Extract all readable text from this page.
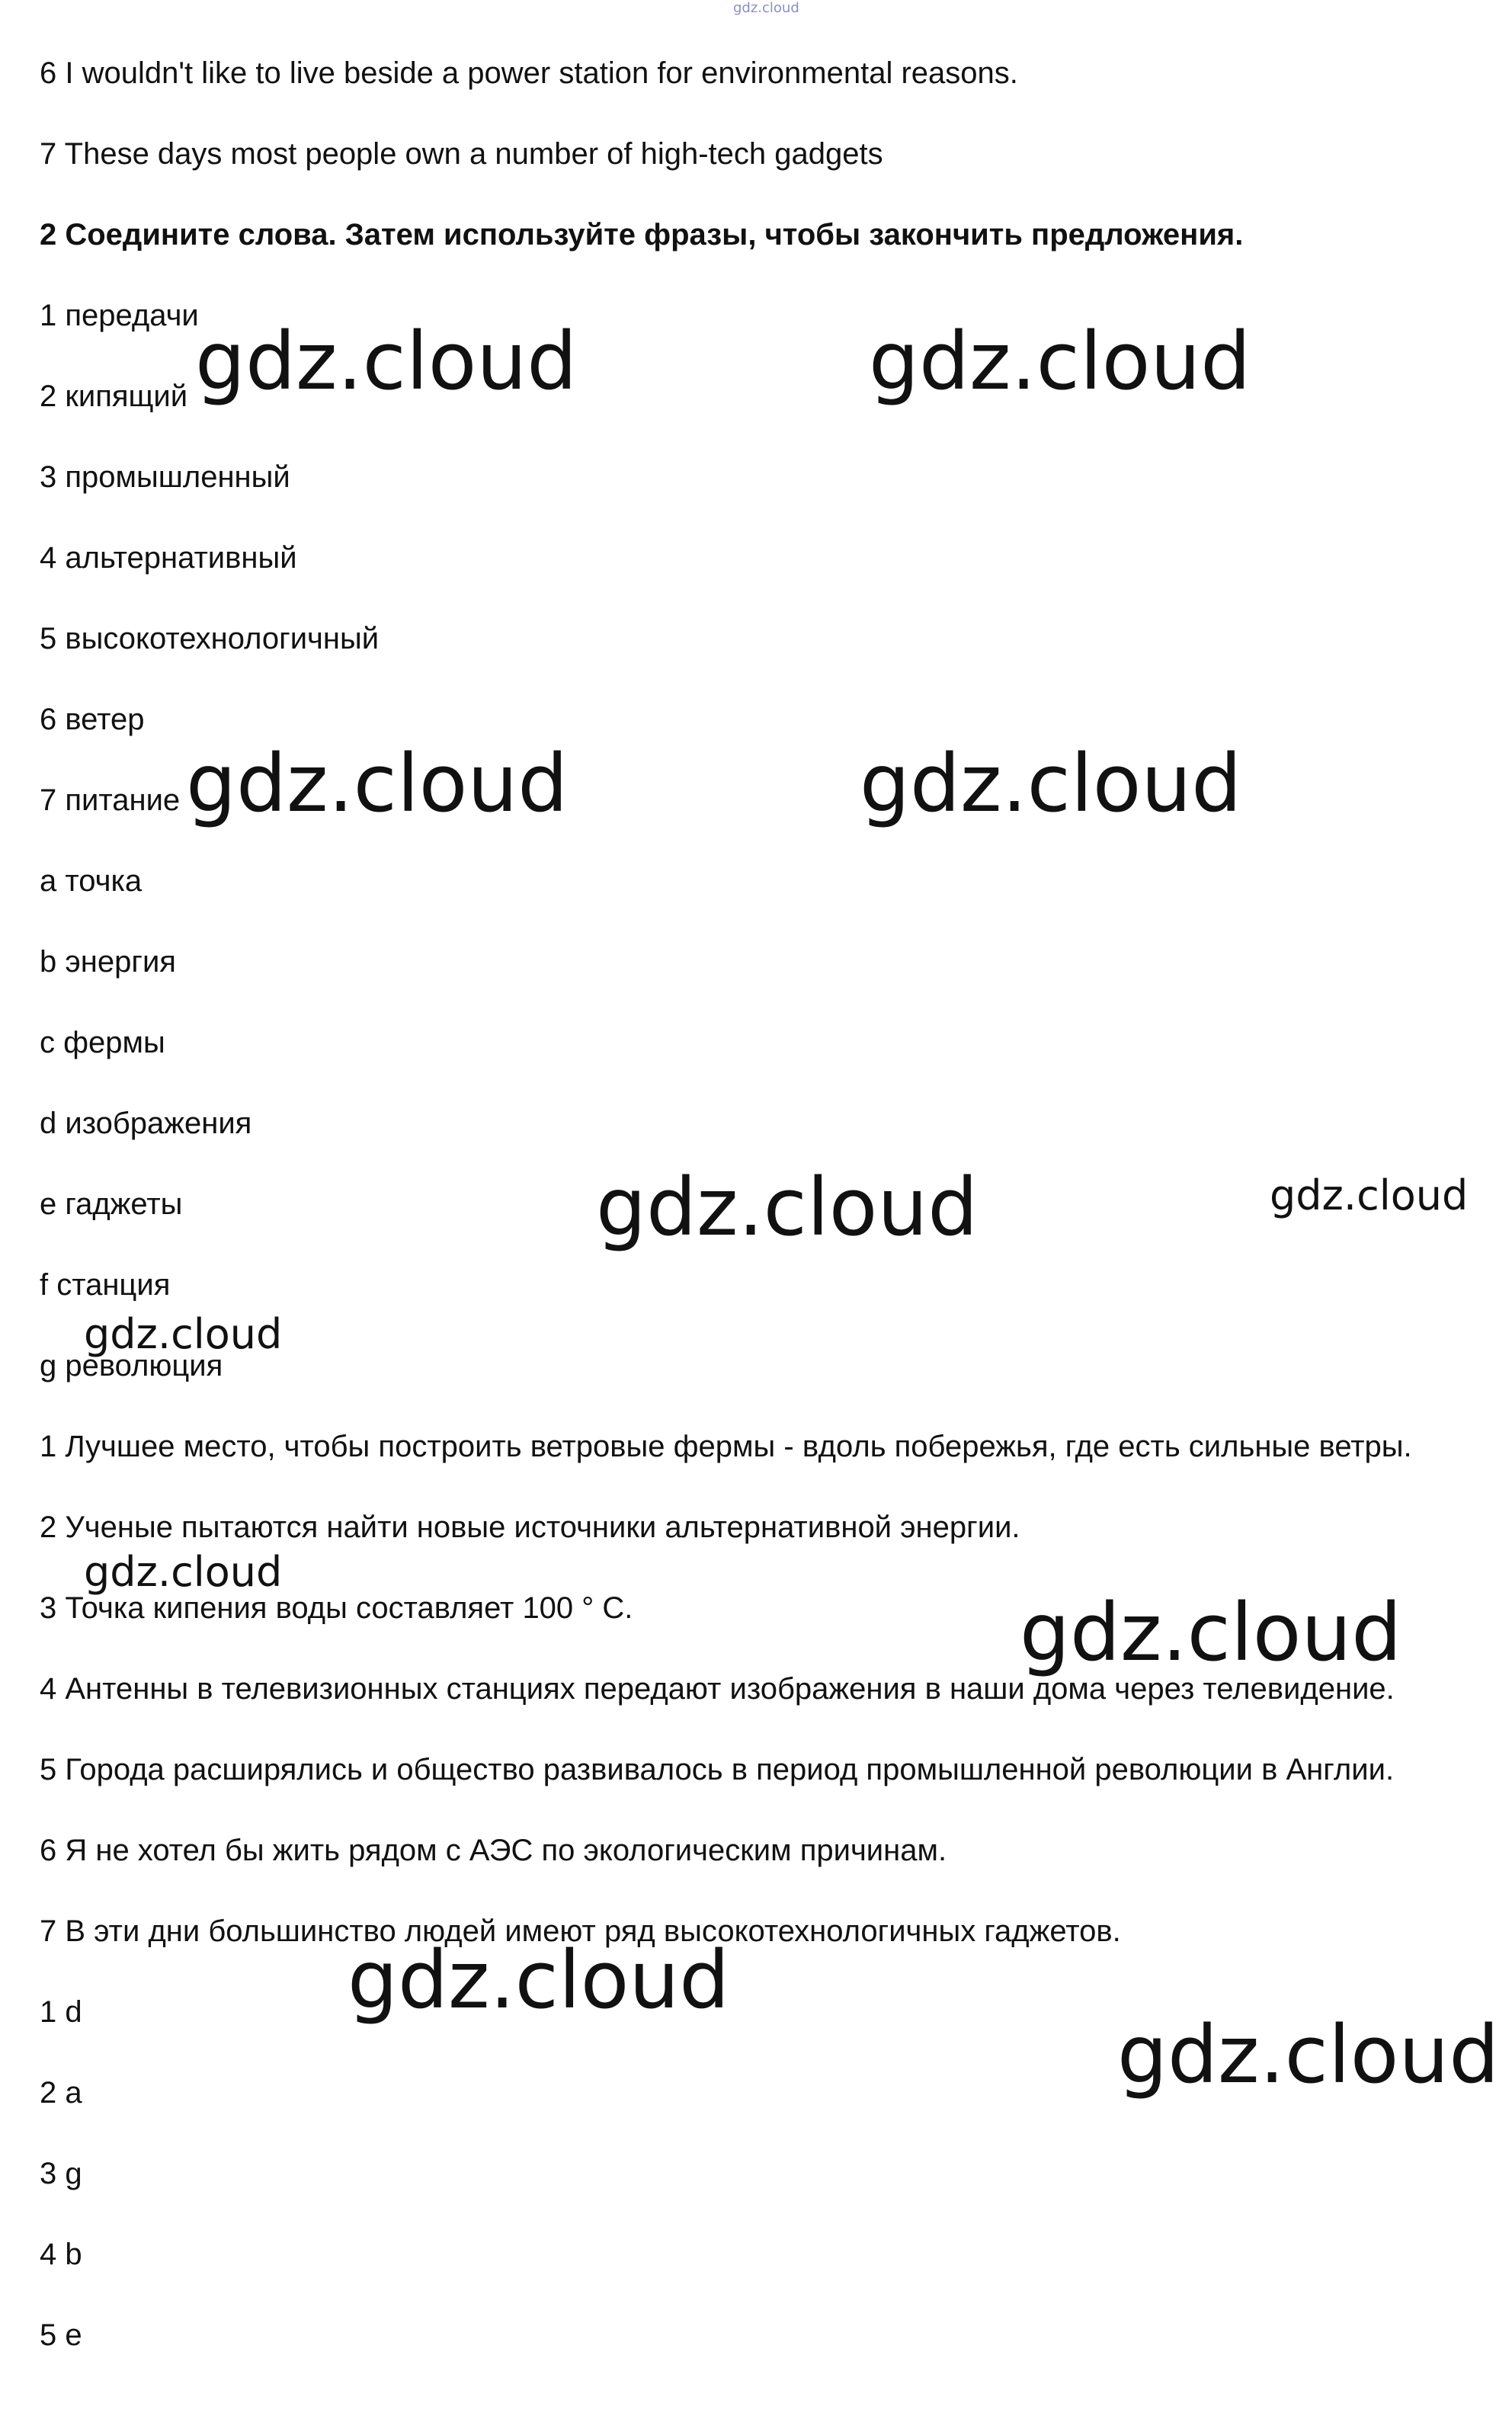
gdz.cloud
6 I wouldn't like to live beside a power station for environmental reasons.
7 These days most people own a number of high-tech gadgets
2 Соедините слова. Затем используйте фразы, чтобы закончить предложения.
1 передачи
2 кипящий
3 промышленный
4 альтернативный
5 высокотехнологичный
6 ветер
7 питание
a точка
b энергия
c фермы
d изображения
e гаджеты
f станция
g революция
1 Лучшее место, чтобы построить ветровые фермы - вдоль побережья, где есть сильные ветры.
2 Ученые пытаются найти новые источники альтернативной энергии.
3 Точка кипения воды составляет 100 ° C.
4 Антенны в телевизионных станциях передают изображения в наши дома через телевидение.
5 Города расширялись и общество развивалось в период промышленной революции в Англии.
6 Я не хотел бы жить рядом с АЭС по экологическим причинам.
7 В эти дни большинство людей имеют ряд высокотехнологичных гаджетов.
1 d
2 a
3 g
4 b
5 e
gdz.cloud	gdz.cloud
gdz.cloud	gdz.cloud
gdz.cloud	gdz.cloud
gdz.cloud
gdz.cloud
gdz.cloud
gdz.cloud
gdz.cloud
